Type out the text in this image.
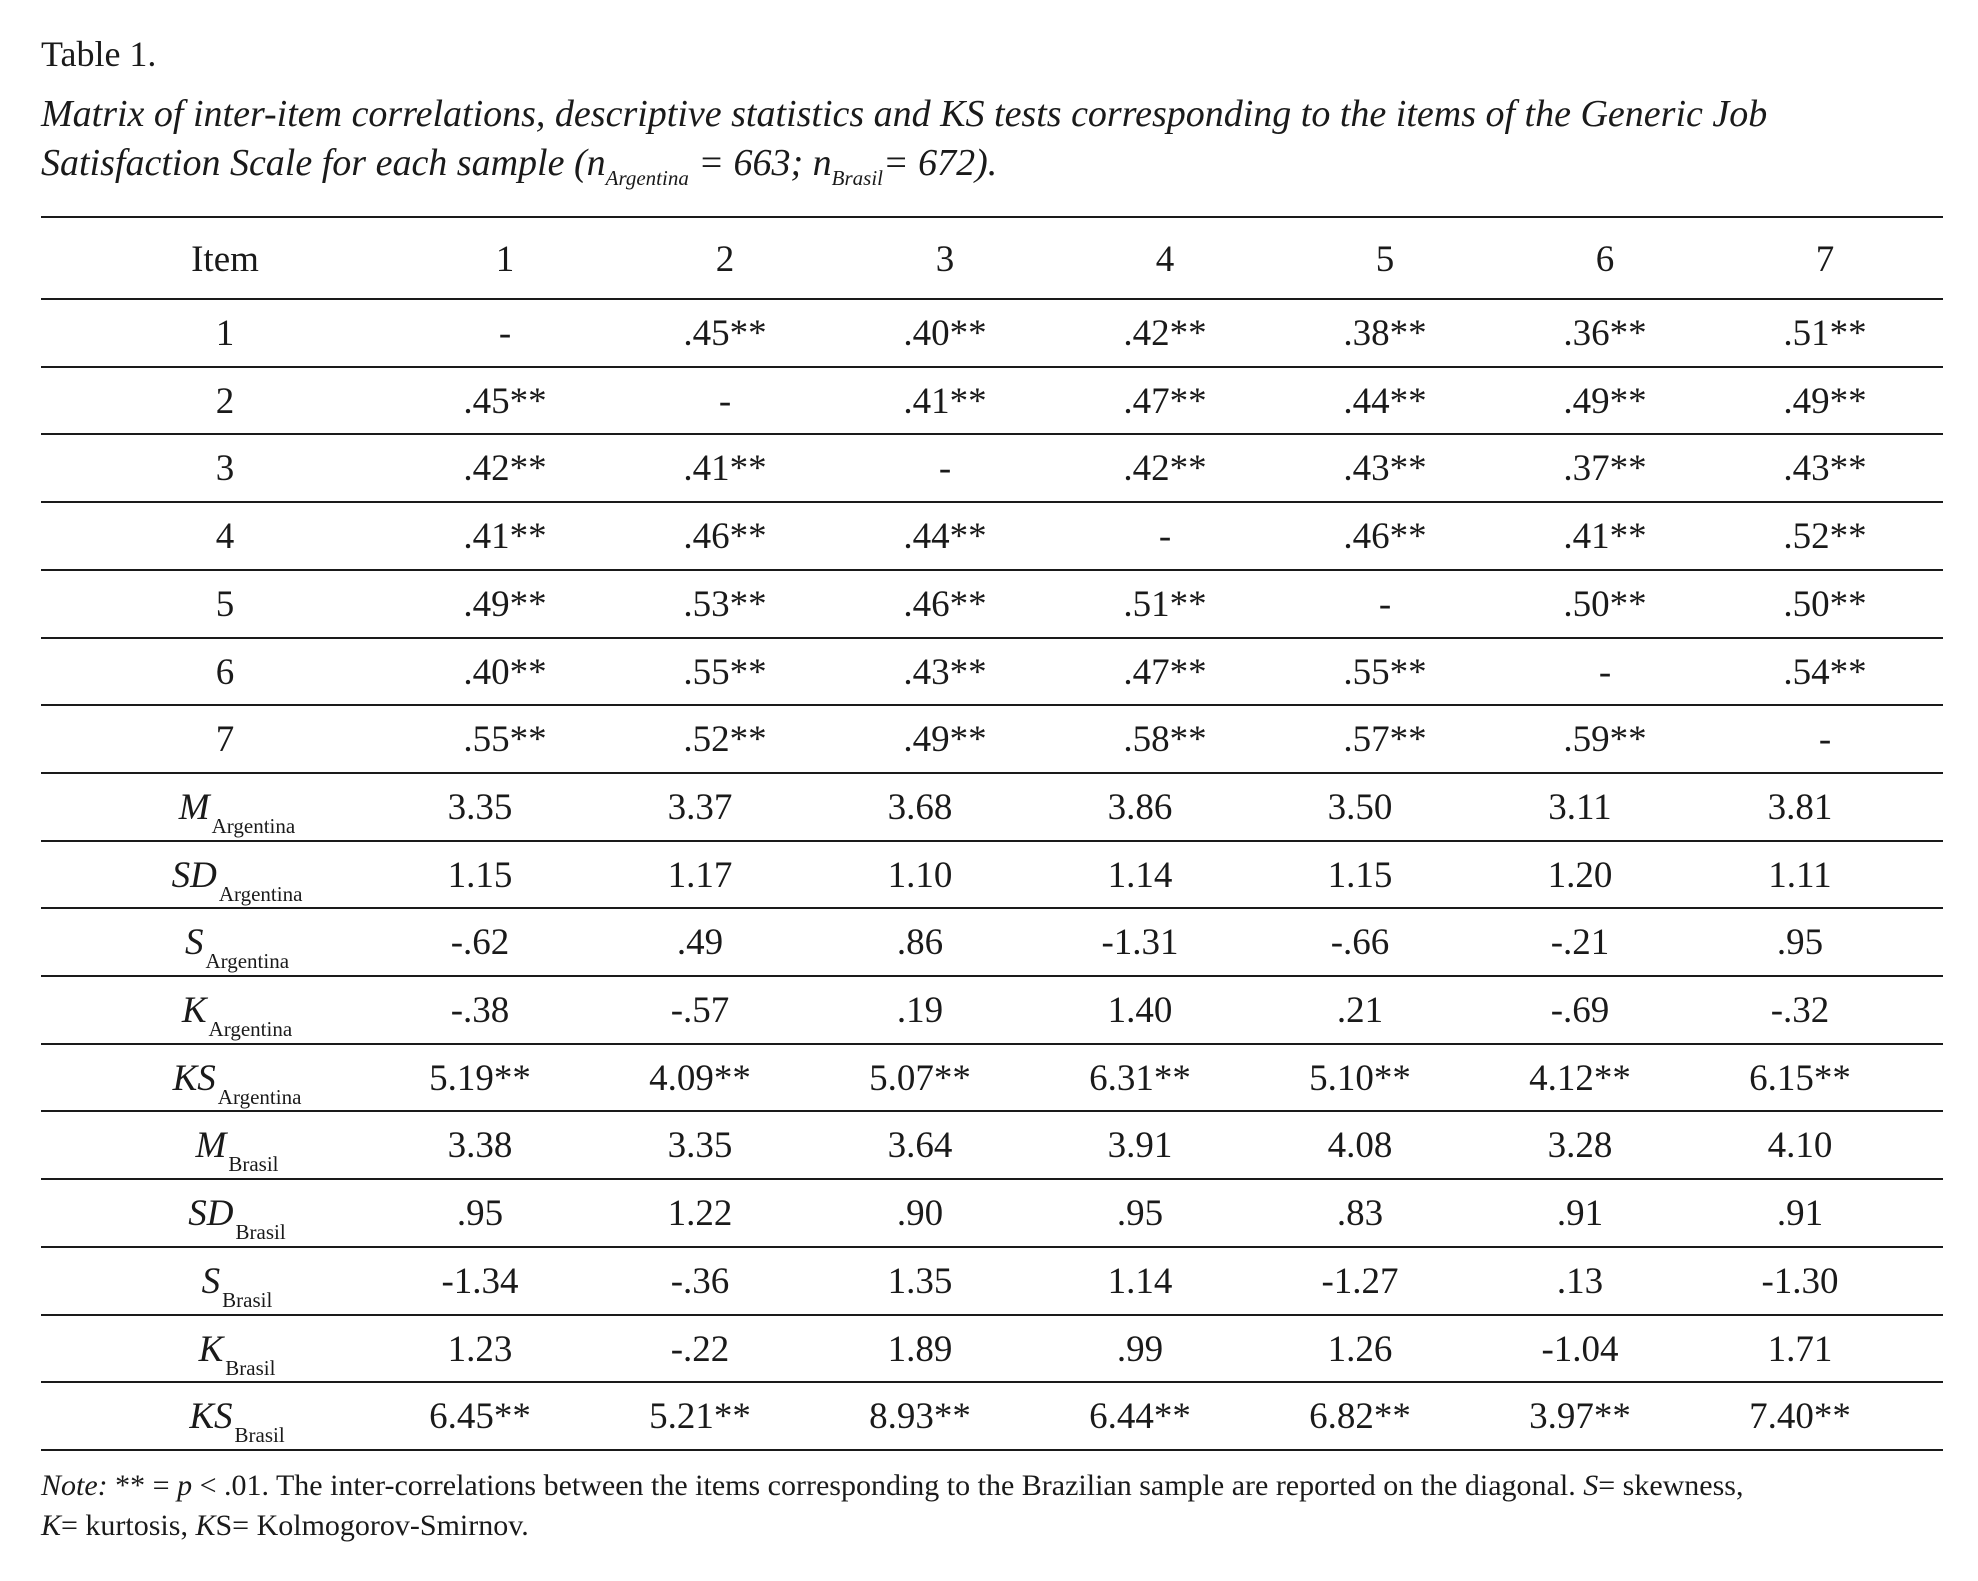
Table 1.
Matrix of inter-item correlations, descriptive statistics and KS tests corresponding to the items of the Generic Job Satisfaction Scale for each sample ($n_{Argentina} = 663$; $n_{Brasil}= 672$).
Item	1	2	3	4	5	6	7
1	-	.45**	.40**	.42**	.38**	.36**	.51**
2	.45**	-	.41**	.47**	.44**	.49**	.49**
3	.42**	.41**	-	.42**	.43**	.37**	.43**
4	.41**	.46**	.44**	-	.46**	.41**	.52**
5	.49**	.53**	.46**	.51**	-	.50**	.50**
6	.40**	.55**	.43**	.47**	.55**	-	.54**
7	.55**	.52**	.49**	.58**	.57**	.59**	-
$M_{Argentina}$	3.35	3.37	3.68	3.86	3.50	3.11	3.81
$SD_{Argentina}$	1.15	1.17	1.10	1.14	1.15	1.20	1.11
$S_{Argentina}$	-.62	.49	.86	-1.31	-.66	-.21	.95
$K_{Argentina}$	-.38	-.57	.19	1.40	.21	-.69	-.32
$KS_{Argentina}$	5.19**	4.09**	5.07**	6.31**	5.10**	4.12**	6.15**
$M_{Brasil}$	3.38	3.35	3.64	3.91	4.08	3.28	4.10
$SD_{Brasil}$	.95	1.22	.90	.95	.83	.91	.91
$S_{Brasil}$	-1.34	-.36	1.35	1.14	-1.27	.13	-1.30
$K_{Brasil}$	1.23	-.22	1.89	.99	1.26	-1.04	1.71
$KS_{Brasil}$	6.45**	5.21**	8.93**	6.44**	6.82**	3.97**	7.40**
Note: ** = p < .01. The inter-correlations between the items corresponding to the Brazilian sample are reported on the diagonal. S= skewness,
K= kurtosis, KS= Kolmogorov-Smirnov.
